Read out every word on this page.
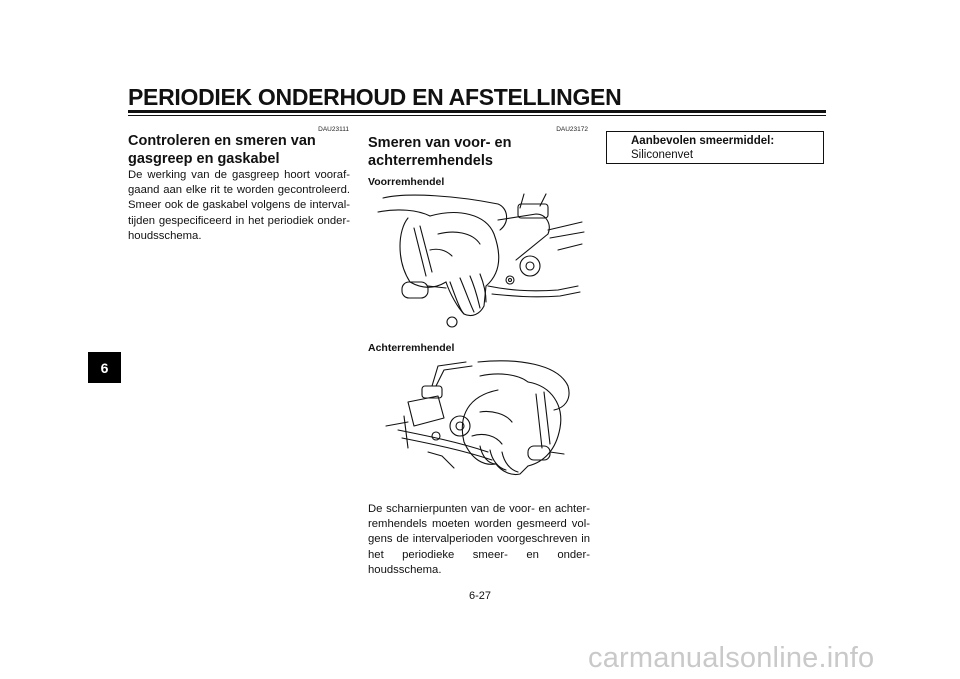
PERIODIEK ONDERHOUD EN AFSTELLINGEN
6
DAU23111
Controleren en smeren van
gasgreep en gaskabel

De werking van de gasgreep hoort vooraf-gaand aan elke rit te worden gecontroleerd. Smeer ook de gaskabel volgens de interval-tijden gespecificeerd in het periodiek onder-houdsschema.

DAU23172
Smeren van voor- en
achterremhendels
Voorremhendel
Achterremhendel

De scharnierpunten van de voor- en achter-remhendels moeten worden gesmeerd vol-gens de intervalperioden voorgeschreven in het periodieke smeer- en onder-houdsschema.

Aanbevolen smeermiddel:
Siliconenvet
6-27
carmanualsonline.info
